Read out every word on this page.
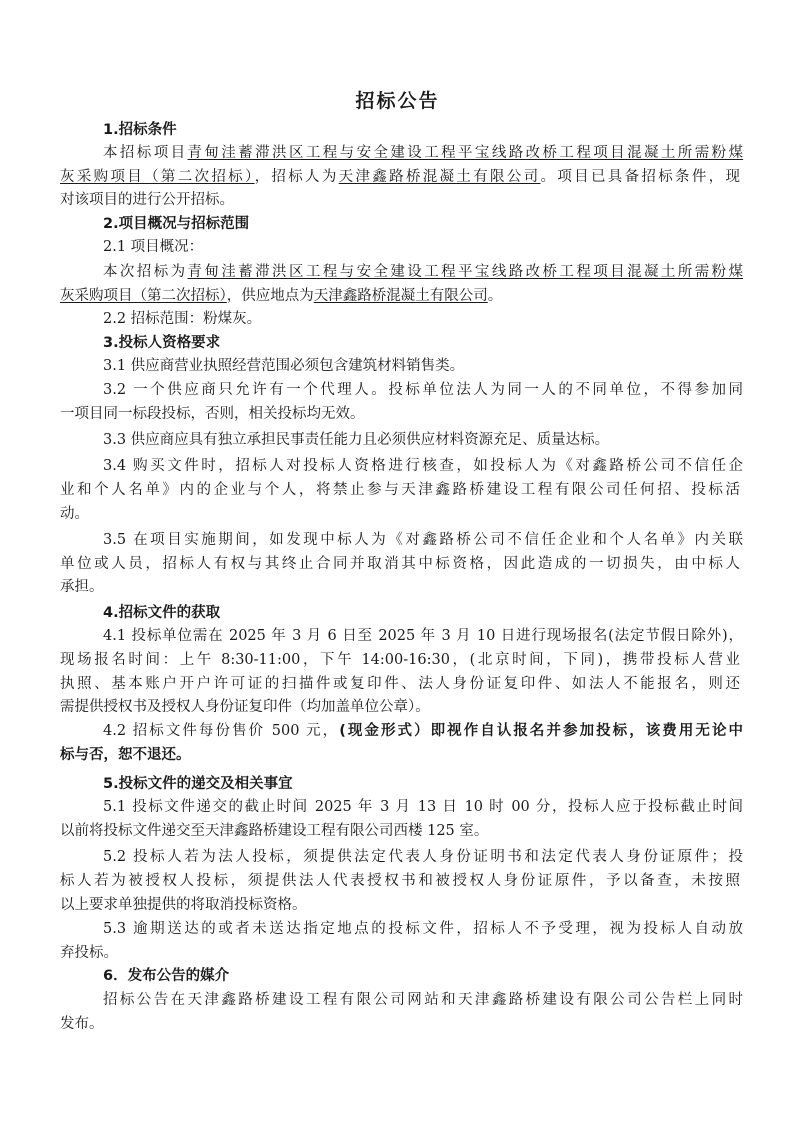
招标公告
1.招标条件
本招标项目青甸洼蓄滞洪区工程与安全建设工程平宝线路改桥工程项目混凝土所需粉煤
灰采购项目（第二次招标），招标人为天津鑫路桥混凝土有限公司。项目已具备招标条件，现
对该项目的进行公开招标。
2.项目概况与招标范围
2.1 项目概况：
本次招标为青甸洼蓄滞洪区工程与安全建设工程平宝线路改桥工程项目混凝土所需粉煤
灰采购项目（第二次招标），供应地点为天津鑫路桥混凝土有限公司。
2.2 招标范围：粉煤灰。
3.投标人资格要求
3.1 供应商营业执照经营范围必须包含建筑材料销售类。
3.2 一个供应商只允许有一个代理人。投标单位法人为同一人的不同单位，不得参加同
一项目同一标段投标，否则，相关投标均无效。
3.3 供应商应具有独立承担民事责任能力且必须供应材料资源充足、质量达标。
3.4 购买文件时，招标人对投标人资格进行核查，如投标人为《对鑫路桥公司不信任企
业和个人名单》内的企业与个人，将禁止参与天津鑫路桥建设工程有限公司任何招、投标活
动。
3.5 在项目实施期间，如发现中标人为《对鑫路桥公司不信任企业和个人名单》内关联
单位或人员，招标人有权与其终止合同并取消其中标资格，因此造成的一切损失，由中标人
承担。
4.招标文件的获取
4.1 投标单位需在 2025 年 3 月 6 日至 2025 年 3 月 10 日进行现场报名(法定节假日除外)，
现场报名时间：上午 8:30-11:00，下午 14:00-16:30，(北京时间，下同)，携带投标人营业
执照、基本账户开户许可证的扫描件或复印件、法人身份证复印件、如法人不能报名，则还
需提供授权书及授权人身份证复印件（均加盖单位公章）。
4.2 招标文件每份售价 500 元，(现金形式）即视作自认报名并参加投标，该费用无论中
标与否，恕不退还。
5.投标文件的递交及相关事宜
5.1 投标文件递交的截止时间 2025 年 3 月 13 日 10 时 00 分，投标人应于投标截止时间
以前将投标文件递交至天津鑫路桥建设工程有限公司西楼 125 室。
5.2 投标人若为法人投标，须提供法定代表人身份证明书和法定代表人身份证原件；投
标人若为被授权人投标，须提供法人代表授权书和被授权人身份证原件，予以备查，未按照
以上要求单独提供的将取消投标资格。
5.3 逾期送达的或者未送达指定地点的投标文件，招标人不予受理，视为投标人自动放
弃投标。
6．发布公告的媒介
招标公告在天津鑫路桥建设工程有限公司网站和天津鑫路桥建设有限公司公告栏上同时
发布。
